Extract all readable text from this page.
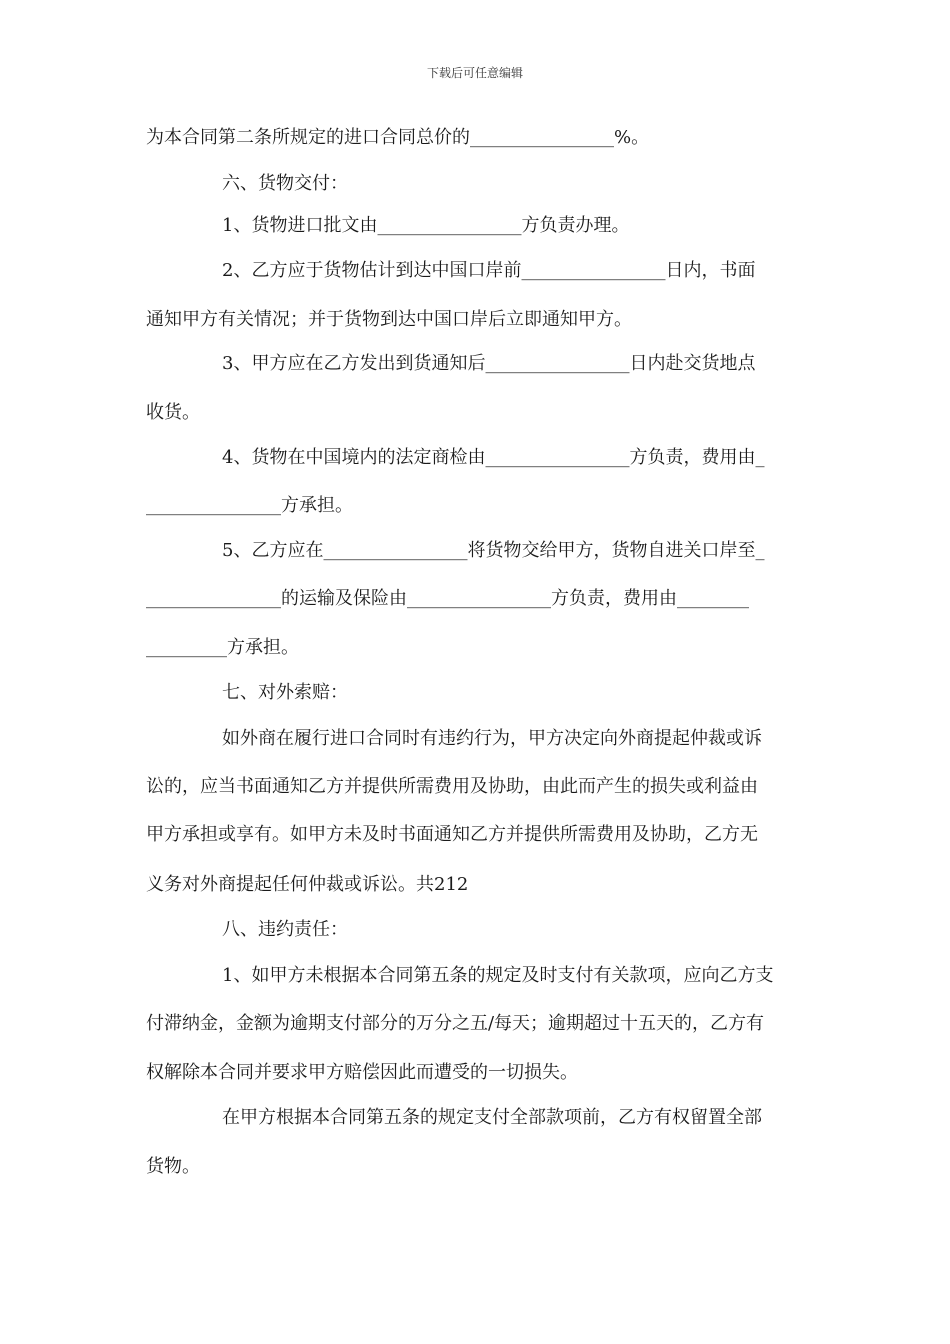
下载后可任意编辑
为本合同第二条所规定的进口合同总价的________________%。
六、货物交付：
1、货物进口批文由________________方负责办理。
2、乙方应于货物估计到达中国口岸前________________日内，书面
通知甲方有关情况；并于货物到达中国口岸后立即通知甲方。
3、甲方应在乙方发出到货通知后________________日内赴交货地点
收货。
4、货物在中国境内的法定商检由________________方负责，费用由_
_______________方承担。
5、乙方应在________________将货物交给甲方，货物自进关口岸至_
_______________的运输及保险由________________方负责，费用由________
_________方承担。
七、对外索赔：
如外商在履行进口合同时有违约行为，甲方决定向外商提起仲裁或诉
讼的，应当书面通知乙方并提供所需费用及协助，由此而产生的损失或利益由
甲方承担或享有。如甲方未及时书面通知乙方并提供所需费用及协助，乙方无
义务对外商提起任何仲裁或诉讼。共212
八、违约责任：
1、如甲方未根据本合同第五条的规定及时支付有关款项，应向乙方支
付滞纳金，金额为逾期支付部分的万分之五/每天；逾期超过十五天的，乙方有
权解除本合同并要求甲方赔偿因此而遭受的一切损失。
在甲方根据本合同第五条的规定支付全部款项前，乙方有权留置全部
货物。
